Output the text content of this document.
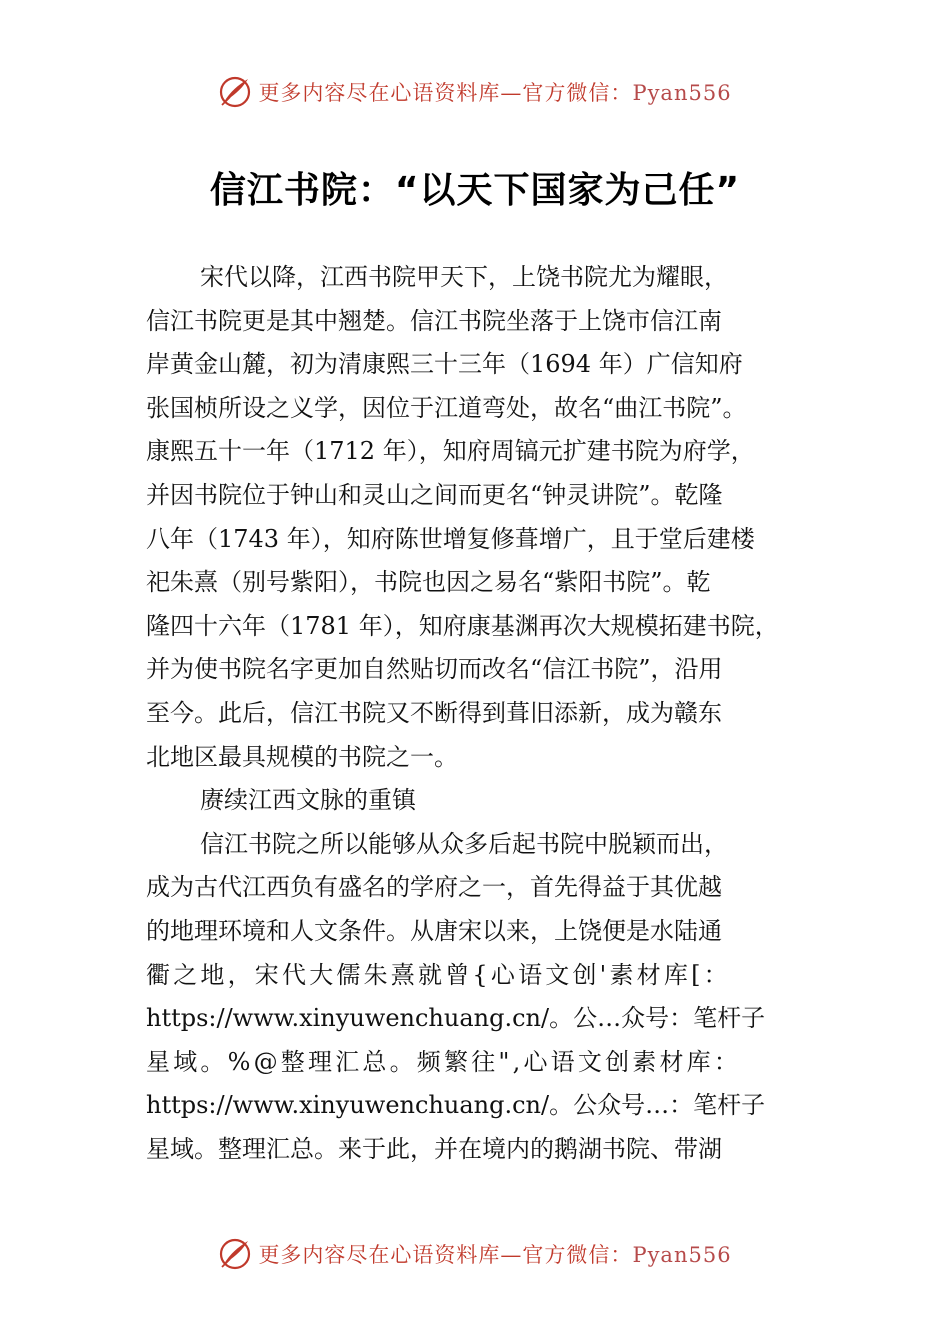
更多内容尽在心语资料库—官方微信：Pyan556
信江书院：“以天下国家为己任”
宋代以降，江西书院甲天下，上饶书院尤为耀眼，
信江书院更是其中翘楚。信江书院坐落于上饶市信江南
岸黄金山麓，初为清康熙三十三年（1694 年）广信知府
张国桢所设之义学，因位于江道弯处，故名“曲江书院”。
康熙五十一年（1712 年），知府周镐元扩建书院为府学，
并因书院位于钟山和灵山之间而更名“钟灵讲院”。乾隆
八年（1743 年），知府陈世增复修葺增广，且于堂后建楼
祀朱熹（别号紫阳），书院也因之易名“紫阳书院”。乾
隆四十六年（1781 年），知府康基渊再次大规模拓建书院，
并为使书院名字更加自然贴切而改名“信江书院”，沿用
至今。此后，信江书院又不断得到葺旧添新，成为赣东
北地区最具规模的书院之一。
赓续江西文脉的重镇
信江书院之所以能够从众多后起书院中脱颖而出，
成为古代江西负有盛名的学府之一，首先得益于其优越
的地理环境和人文条件。从唐宋以来，上饶便是水陆通
衢之地，宋代大儒朱熹就曾{心语文创'素材库[：
https://www.xinyuwenchuang.cn/。公…众号：笔杆子
星域。%@整理汇总。频繁往",心语文创素材库：
https://www.xinyuwenchuang.cn/。公众号…：笔杆子
星域。整理汇总。来于此，并在境内的鹅湖书院、带湖
更多内容尽在心语资料库—官方微信：Pyan556
